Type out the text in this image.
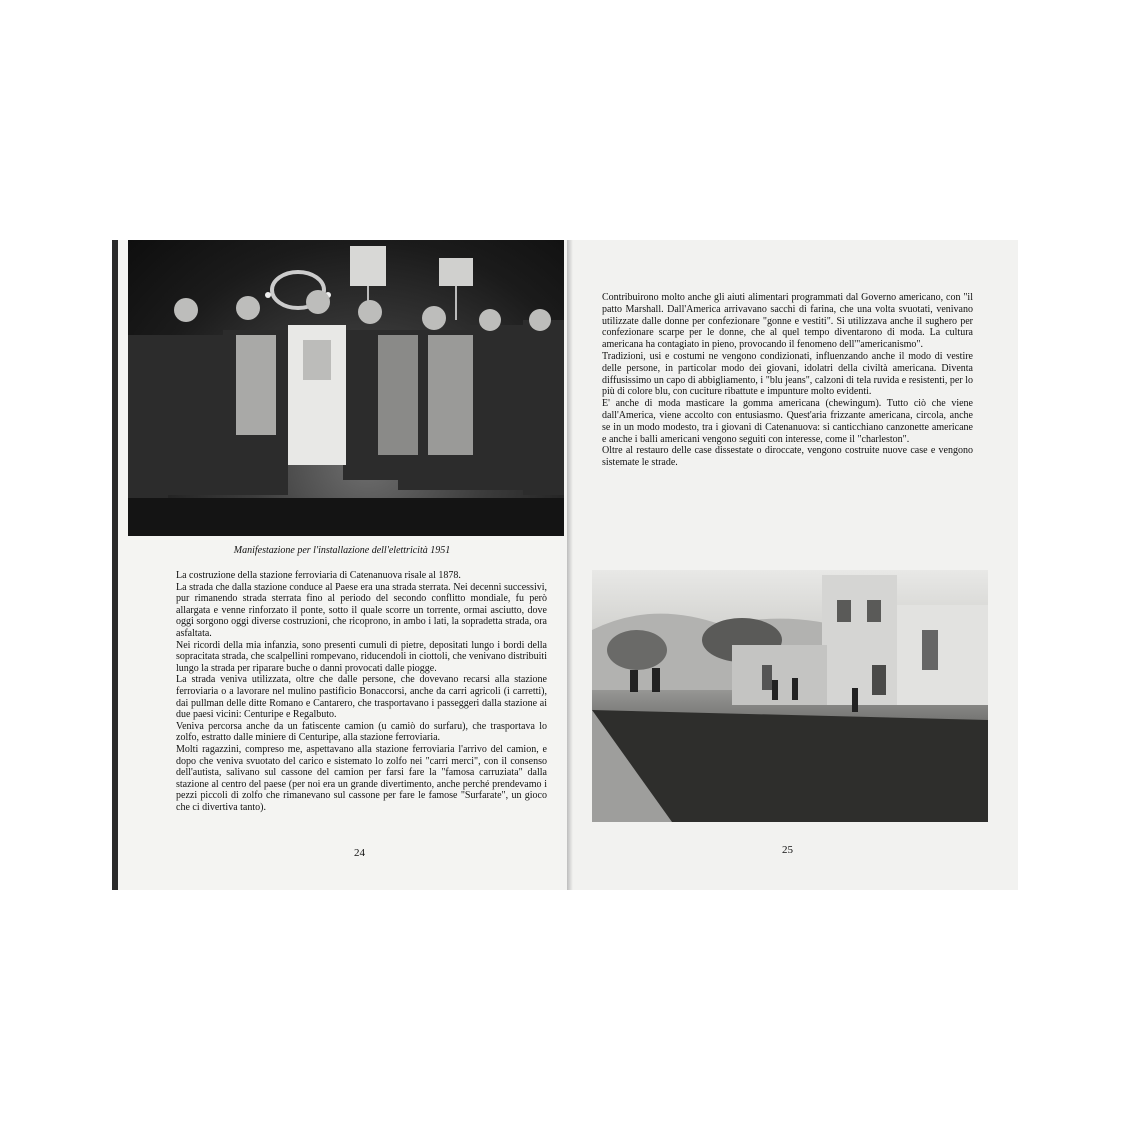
Manifestazione per l'installazione dell'elettricità 1951

La costruzione della stazione ferroviaria di Catenanuova risale al 1878.

La strada che dalla stazione conduce al Paese era una strada sterrata. Nei decenni successivi, pur rimanendo strada sterrata fino al periodo del secondo conflitto mondiale, fu però allargata e venne rinforzato il ponte, sotto il quale scorre un torrente, ormai asciutto, dove oggi sorgono oggi diverse costruzioni, che ricoprono, in ambo i lati, la sopradetta strada, ora asfaltata.

Nei ricordi della mia infanzia, sono presenti cumuli di pietre, depositati lungo i bordi della sopracitata strada, che scalpellini rompevano, riducendoli in ciottoli, che venivano distribuiti lungo la strada per riparare buche o danni provocati dalle piogge.

La strada veniva utilizzata, oltre che dalle persone, che dovevano recarsi alla stazione ferroviaria o a lavorare nel mulino pastificio Bonaccorsi, anche da carri agricoli (i carretti), dai pullman delle ditte Romano e Cantarero, che trasportavano i passeggeri dalla stazione ai due paesi vicini: Centuripe e Regalbuto.

Veniva percorsa anche da un fatiscente camion (u camiò do surfaru), che trasportava lo zolfo, estratto dalle miniere di Centuripe, alla stazione ferroviaria.

Molti ragazzini, compreso me, aspettavano alla stazione ferroviaria l'arrivo del camion, e dopo che veniva svuotato del carico e sistemato lo zolfo nei "carri merci", con il consenso dell'autista, salivano sul cassone del camion per farsi fare la "famosa carruziata" dalla stazione al centro del paese (per noi era un grande divertimento, anche perché prendevamo i pezzi piccoli di zolfo che rimanevano sul cassone per fare le famose "Surfarate", un gioco che ci divertiva tanto).

24

Contribuirono molto anche gli aiuti alimentari programmati dal Governo americano, con "il patto Marshall. Dall'America arrivavano sacchi di farina, che una volta svuotati, venivano utilizzate dalle donne per confezionare "gonne e vestiti". Si utilizzava anche il sughero per confezionare scarpe per le donne, che al quel tempo diventarono di moda. La cultura americana ha contagiato in pieno, provocando il fenomeno dell'"americanismo".

Tradizioni, usi e costumi ne vengono condizionati, influenzando anche il modo di vestire delle persone, in particolar modo dei giovani, idolatri della civiltà americana. Diventa diffusissimo un capo di abbigliamento, i "blu jeans", calzoni di tela ruvida e resistenti, per lo più di colore blu, con cuciture ribattute e impunture molto evidenti.

E' anche di moda masticare la gomma americana (chewingum). Tutto ciò che viene dall'America, viene accolto con entusiasmo. Quest'aria frizzante americana, circola, anche se in un modo modesto, tra i giovani di Catenanuova: si canticchiano canzonette americane e anche i balli americani vengono seguiti con interesse, come il "charleston".

Oltre al restauro delle case dissestate o diroccate, vengono costruite nuove case e vengono sistemate le strade.

25
